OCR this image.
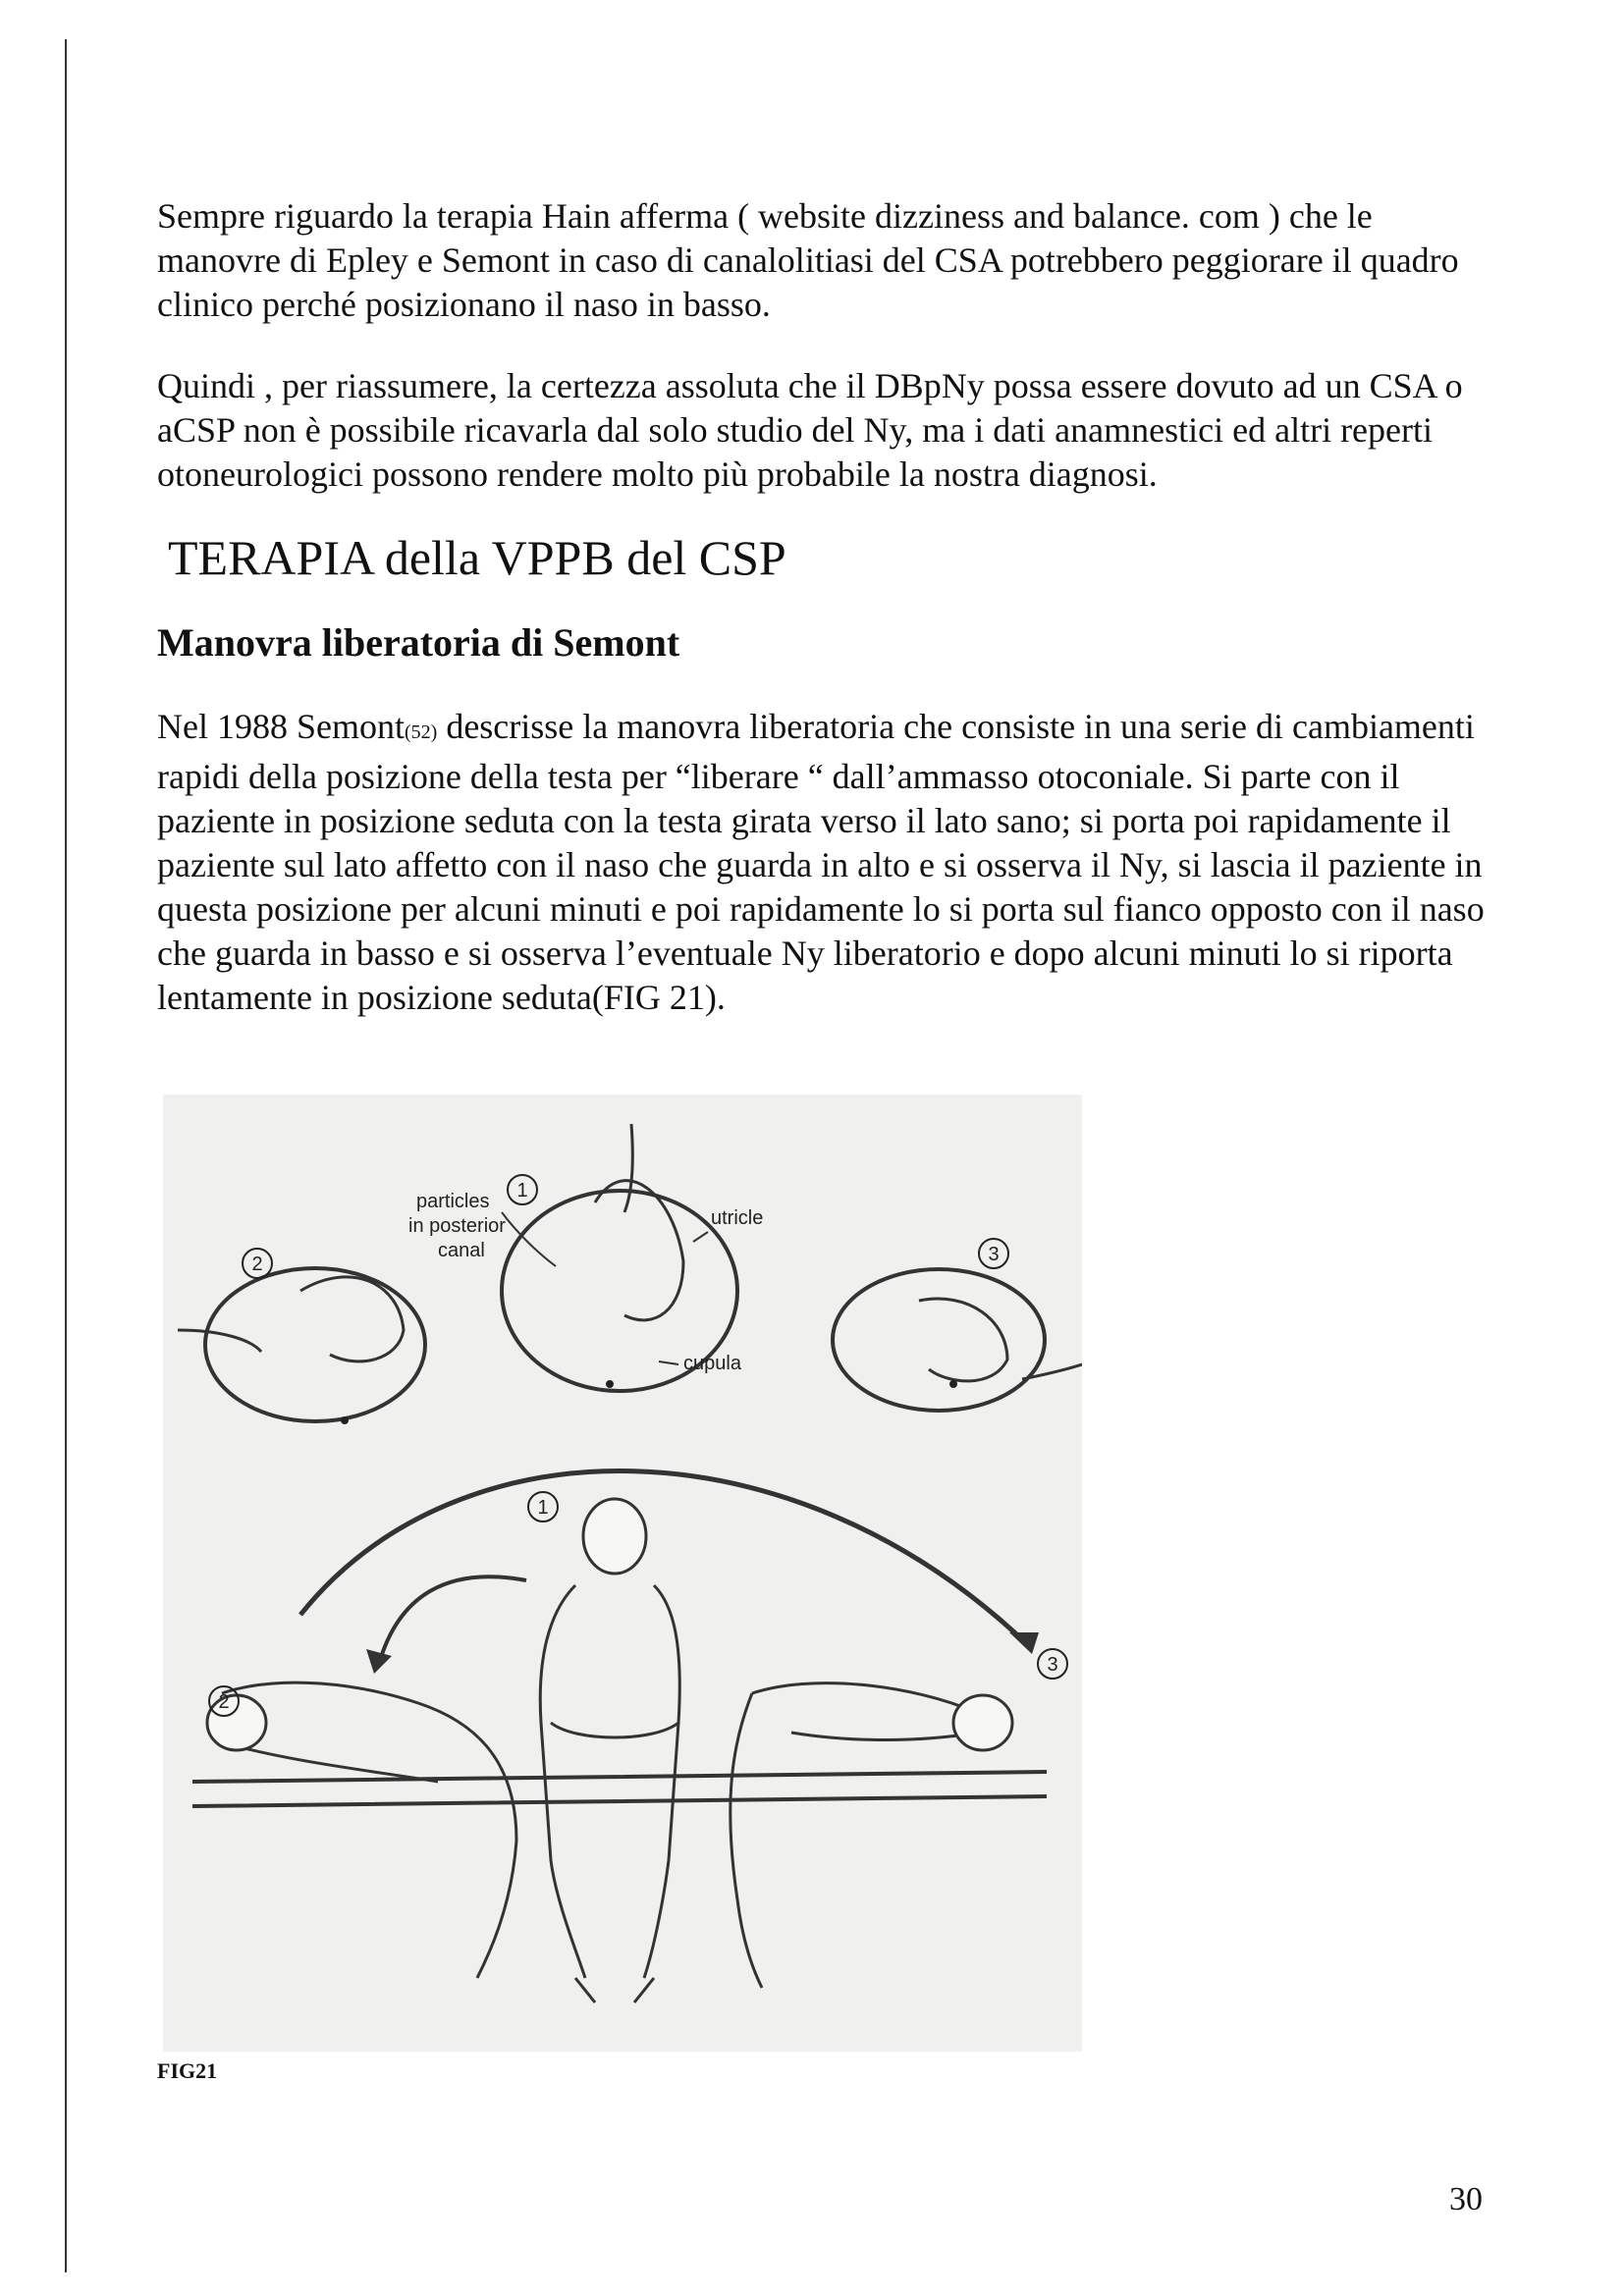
Sempre riguardo la terapia Hain afferma ( website dizziness and balance. com ) che le manovre di Epley e Semont in caso di canalolitiasi del CSA potrebbero peggiorare il quadro clinico perché posizionano il naso in basso.

Quindi , per riassumere, la certezza assoluta che il DBpNy possa essere dovuto ad un CSA o aCSP non è possibile ricavarla dal solo studio del Ny, ma i dati anamnestici ed altri reperti otoneurologici possono rendere molto più probabile la nostra diagnosi.

TERAPIA della VPPB del CSP
Manovra liberatoria di Semont

Nel 1988 Semont(52) descrisse la manovra liberatoria che consiste in una serie di cambiamenti rapidi della posizione della testa per “liberare “ dall’ammasso otoconiale. Si parte con il paziente in posizione seduta con la testa girata verso il lato sano; si porta poi rapidamente il paziente sul lato affetto con il naso che guarda in alto e si osserva il Ny, si lascia il paziente in questa posizione per alcuni minuti e poi rapidamente lo si porta sul fianco opposto con il naso che guarda in basso e si osserva l’eventuale Ny liberatorio e dopo alcuni minuti lo si riporta lentamente in posizione seduta(FIG 21).

particles
in posterior
canal
utricle
cupula
1
2	3
1
2
3

FIG21

30
